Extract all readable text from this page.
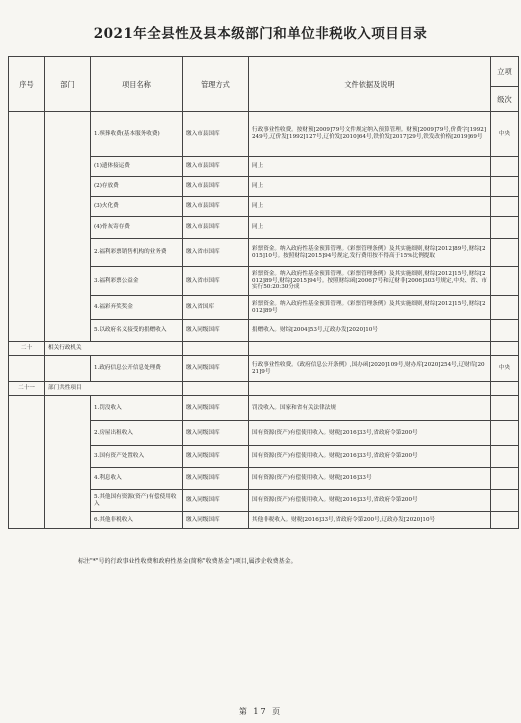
2021年全县性及县本级部门和单位非税收入项目目录
序号	部门	项目名称	管理方式	文件依据及说明	立项
					级次
		1.殡葬收费(基本服务收费)	缴入市县国库	行政事业性收费。按财预[2009]79号文件规定纳入预算管理。财预[2009]79号,价费字[1992]249号,辽价发[1992]127号,辽价发[2010]64号,铁价发[2017]29号,铁发改价格[2019]69号	中央
		(1)遗体接运费	缴入市县国库	同上	
		(2)存放费	缴入市县国库	同上	
		(3)火化费	缴入市县国库	同上	
		(4)骨灰寄存费	缴入市县国库	同上	
		2.福利彩票销售机构的业务费	缴入省市国库	彩票资金。纳入政府性基金预算管理。《彩票管理条例》及其实施细则,财综[2012]89号,财综[2015]10号。按照财综[2015]94号规定,发行费用按不得高于15%比例提取	
		3.福利彩票公益金	缴入省市国库	彩票资金。纳入政府性基金预算管理。《彩票管理条例》及其实施细则,财综[2012]15号,财综[2012]89号,财综[2015]94号。按照财综函[2006]7号和辽财非[2006]303号规定,中央、省、市实行50:20:30分成	
		4.福彩弃奖奖金	缴入省国库	彩票资金。纳入政府性基金预算管理。《彩票管理条例》及其实施细则,财综[2012]15号,财综[2012]89号	
		5.以政府名义接受的捐赠收入	缴入同级国库	捐赠收入。财综[2004]53号,辽政办发[2020]10号	
二十	相关行政机关				
		1.政府信息公开信息处理费	缴入同级国库	行政事业性收费。《政府信息公开条例》,国办函[2020]109号,财办库[2020]254号,辽财库[2021]9号	中央
二十一	部门共性项目				
		1.罚没收入	缴入同级国库	罚没收入。国家和省有关法律法规	
		2.房屋出租收入	缴入同级国库	国有资源(资产)有偿使用收入。财税[2016]33号,省政府令第200号	
		3.国有资产处置收入	缴入同级国库	国有资源(资产)有偿使用收入。财税[2016]33号,省政府令第200号	
		4.利息收入	缴入同级国库	国有资源(资产)有偿使用收入。财税[2016]33号	
		5.其他国有资源(资产)有偿使用收入	缴入同级国库	国有资源(资产)有偿使用收入。财税[2016]33号,省政府令第200号	
		6.其他非税收入	缴入同级国库	其他非税收入。财税[2016]33号,省政府令第200号,辽政办发[2020]10号	
标注"*"号的行政事业性收费和政府性基金(简称"收费基金")项目,属涉企收费基金。
第 17 页
